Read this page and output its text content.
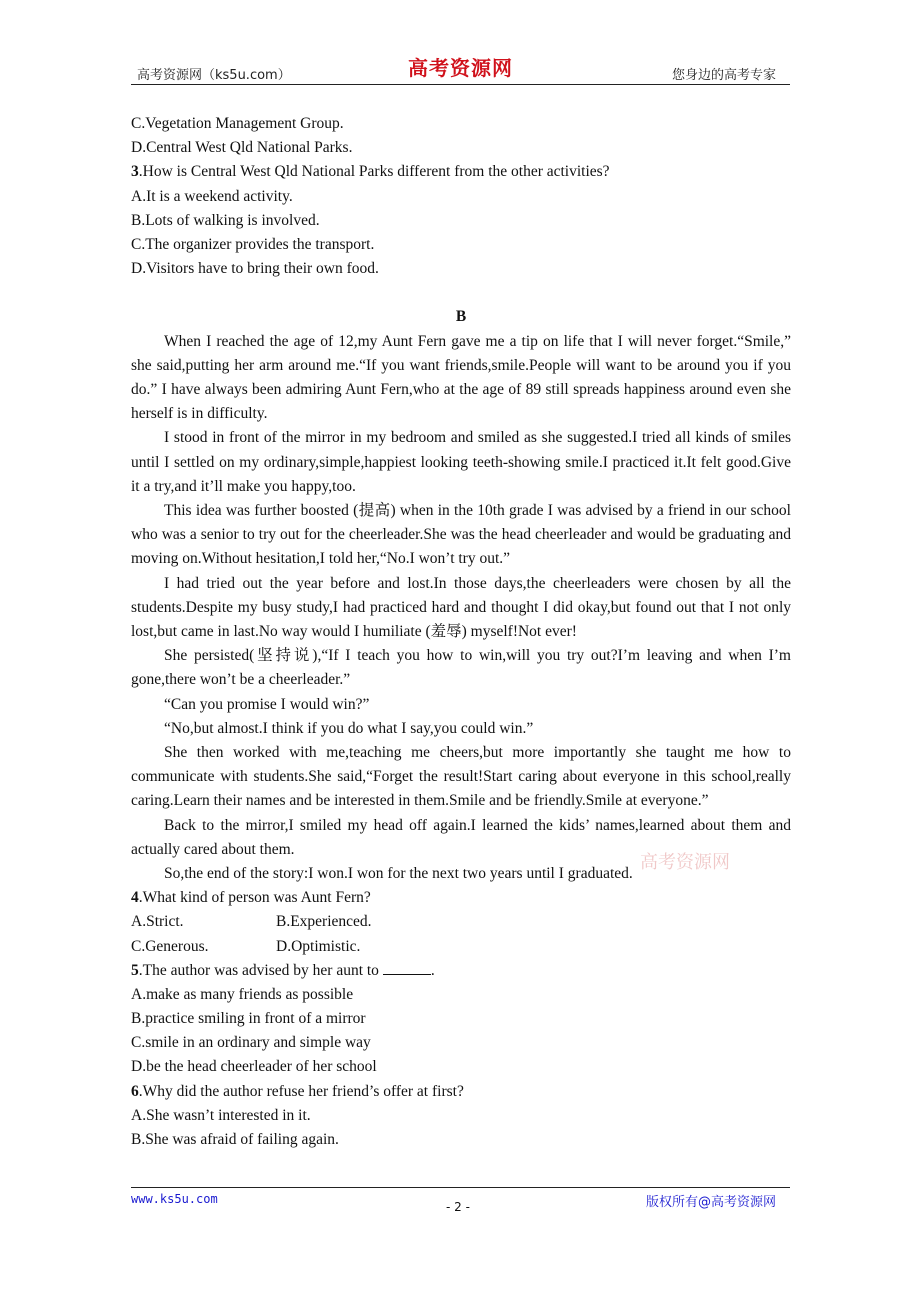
高考资源网（ks5u.com）	高考资源网	您身边的高考专家
高考资源网
C.Vegetation Management Group.
D.Central West Qld National Parks.
3.How is Central West Qld National Parks different from the other activities?
A.It is a weekend activity.
B.Lots of walking is involved.
C.The organizer provides the transport.
D.Visitors have to bring their own food.
B

When I reached the age of 12,my Aunt Fern gave me a tip on life that I will never forget.“Smile,” she said,putting her arm around me.“If you want friends,smile.People will want to be around you if you do.” I have always been admiring Aunt Fern,who at the age of 89 still spreads happiness around even she herself is in difficulty.

I stood in front of the mirror in my bedroom and smiled as she suggested.I tried all kinds of smiles until I settled on my ordinary,simple,happiest looking teeth-showing smile.I practiced it.It felt good.Give it a try,and it’ll make you happy,too.

This idea was further boosted (提高) when in the 10th grade I was advised by a friend in our school who was a senior to try out for the cheerleader.She was the head cheerleader and would be graduating and moving on.Without hesitation,I told her,“No.I won’t try out.”

I had tried out the year before and lost.In those days,the cheerleaders were chosen by all the students.Despite my busy study,I had practiced hard and thought I did okay,but found out that I not only lost,but came in last.No way would I humiliate (羞辱) myself!Not ever!

She persisted(坚持说),“If I teach you how to win,will you try out?I’m leaving and when I’m gone,there won’t be a cheerleader.”

“Can you promise I would win?”

“No,but almost.I think if you do what I say,you could win.”

She then worked with me,teaching me cheers,but more importantly she taught me how to communicate with students.She said,“Forget the result!Start caring about everyone in this school,really caring.Learn their names and be interested in them.Smile and be friendly.Smile at everyone.”

Back to the mirror,I smiled my head off again.I learned the kids’ names,learned about them and actually cared about them.

So,the end of the story:I won.I won for the next two years until I graduated.

4.What kind of person was Aunt Fern?
A.Strict.	B.Experienced.
C.Generous.	D.Optimistic.
5.The author was advised by her aunt to	.
A.make as many friends as possible
B.practice smiling in front of a mirror
C.smile in an ordinary and simple way
D.be the head cheerleader of her school
6.Why did the author refuse her friend’s offer at first?
A.She wasn’t interested in it.
B.She was afraid of failing again.
www.ks5u.com
- 2 -	版权所有@高考资源网
